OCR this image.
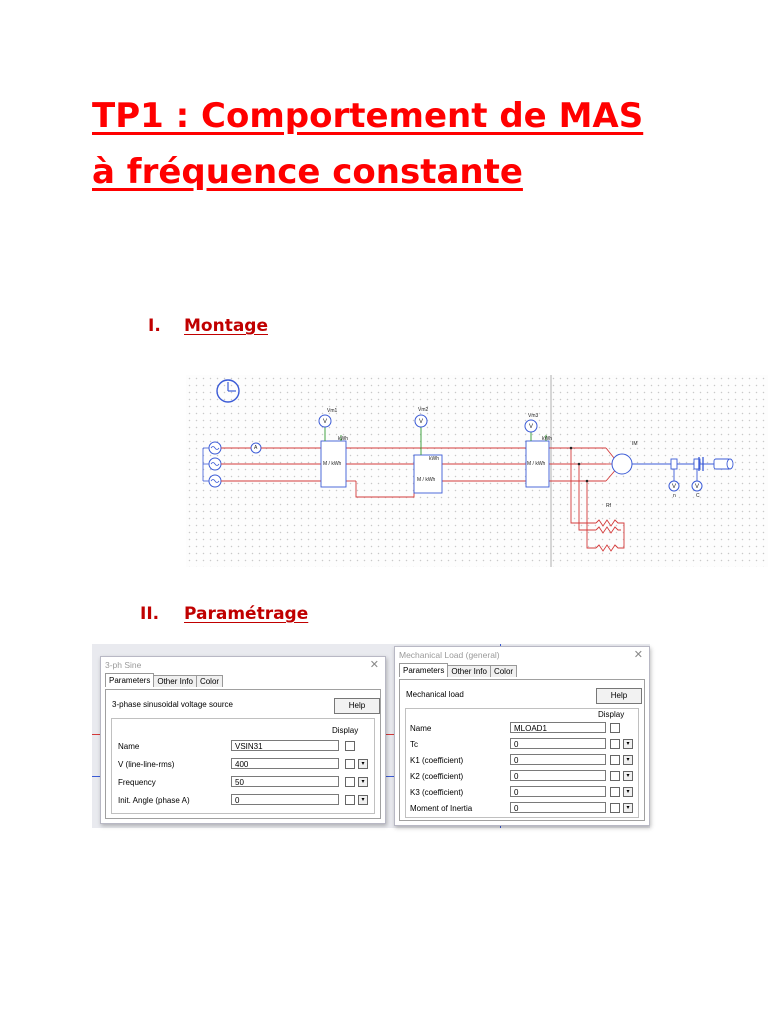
TP1 : Comportement de MAS
à fréquence constante
I. Montage
Vm1	Vm2
Vm3
V	V
V
V	V
kWh
kWh
kWh
M / kWh
M / kWh
M / kWh
IM
Rf
A
n	C
II. Paramétrage
3-ph Sine	✕
Parameters Other Info Color
3-phase sinusoidal voltage source	Help
Display
Name	VSIN31
V (line-line-rms)	400	▾
Frequency	50	▾
Init. Angle (phase A)	0	▾
Mechanical Load (general)	✕
Parameters Other Info Color
Mechanical load	Help
Display
Name	MLOAD1
Tc	0	▾
K1 (coefficient)	0	▾
K2 (coefficient)	0	▾
K3 (coefficient)	0	▾
Moment of Inertia	0	▾
